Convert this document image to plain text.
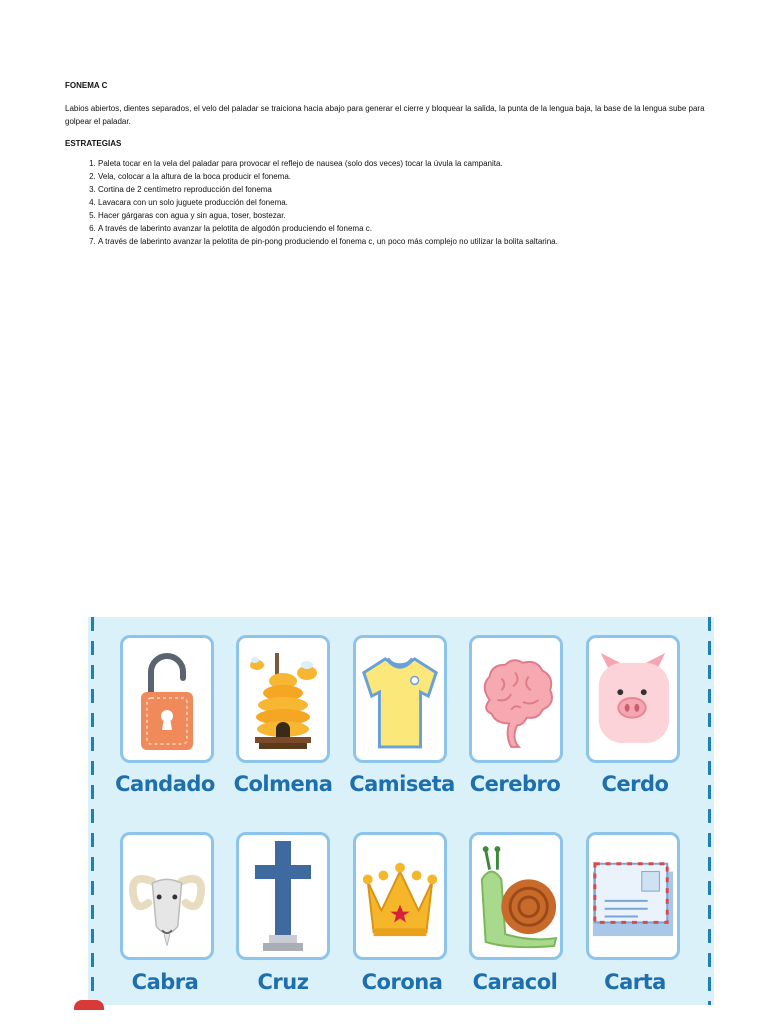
FONEMA C

Labios abiertos, dientes separados, el velo del paladar se traiciona hacia abajo para generar el cierre y bloquear la salida, la punta de la lengua baja, la base de la lengua sube para golpear el paladar.

ESTRATEGIAS

1. Paleta tocar en la vela del paladar para provocar el reflejo de nausea (solo dos veces) tocar la úvula la campanita.
2. Vela, colocar a la altura de la boca producir el fonema.
3. Cortina de 2 centímetro reproducción del fonema
4. Lavacara con un solo juguete producción del fonema.
5. Hacer gárgaras con agua y sin agua, toser, bostezar.
6. A través de laberinto avanzar la pelotita de algodón produciendo el fonema c.
7. A través de laberinto avanzar la pelotita de pin-pong produciendo el fonema c, un poco más complejo no utilizar la bolita saltarina.
Candado Colmena Camiseta Cerebro	Cerdo
Cabra	Cruz	Corona	Caracol	Carta
